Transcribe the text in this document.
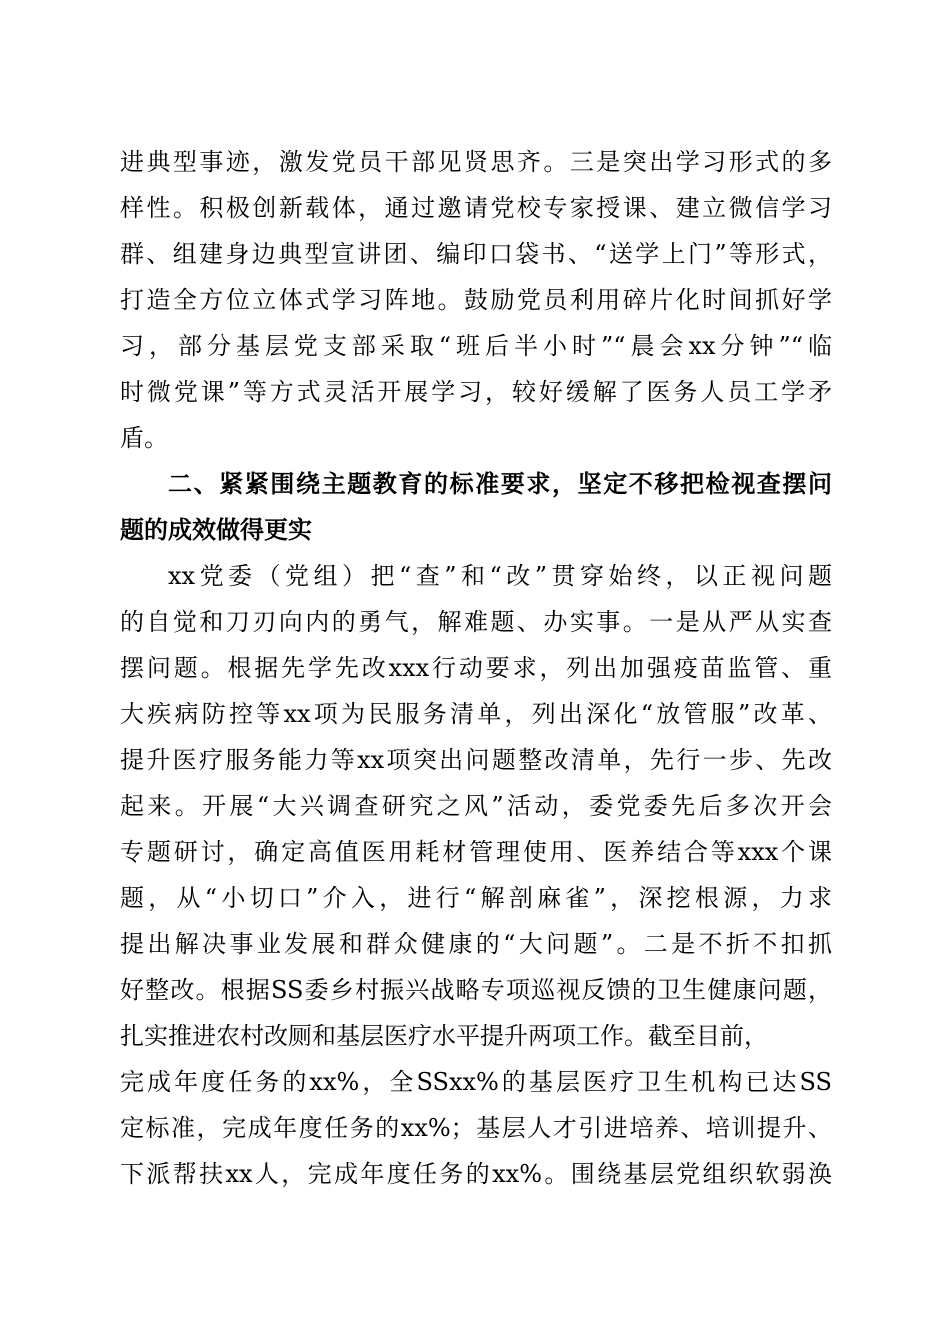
进典型事迹，激发党员干部见贤思齐。三是突出学习形式的多
样性。积极创新载体，通过邀请党校专家授课、建立微信学习
群、组建身边典型宣讲团、编印口袋书、“送学上门”等形式，
打造全方位立体式学习阵地。鼓励党员利用碎片化时间抓好学
习，部分基层党支部采取“班后半小时”“晨会xx分钟”“临
时微党课”等方式灵活开展学习，较好缓解了医务人员工学矛
盾。
二、紧紧围绕主题教育的标准要求，坚定不移把检视查摆问
题的成效做得更实
xx党委（党组）把“查”和“改”贯穿始终，以正视问题
的自觉和刀刃向内的勇气，解难题、办实事。一是从严从实查
摆问题。根据先学先改xxx行动要求，列出加强疫苗监管、重
大疾病防控等xx项为民服务清单，列出深化“放管服”改革、
提升医疗服务能力等xx项突出问题整改清单，先行一步、先改
起来。开展“大兴调查研究之风”活动，委党委先后多次开会
专题研讨，确定高值医用耗材管理使用、医养结合等xxx个课
题，从“小切口”介入，进行“解剖麻雀”，深挖根源，力求
提出解决事业发展和群众健康的“大问题”。二是不折不扣抓
好整改。根据SS委乡村振兴战略专项巡视反馈的卫生健康问题，
扎实推进农村改厕和基层医疗水平提升两项工作。截至目前，
完成年度任务的xx%，全SSxx%的基层医疗卫生机构已达SS
定标准，完成年度任务的xx%；基层人才引进培养、培训提升、
下派帮扶xx人，完成年度任务的xx%。围绕基层党组织软弱涣
